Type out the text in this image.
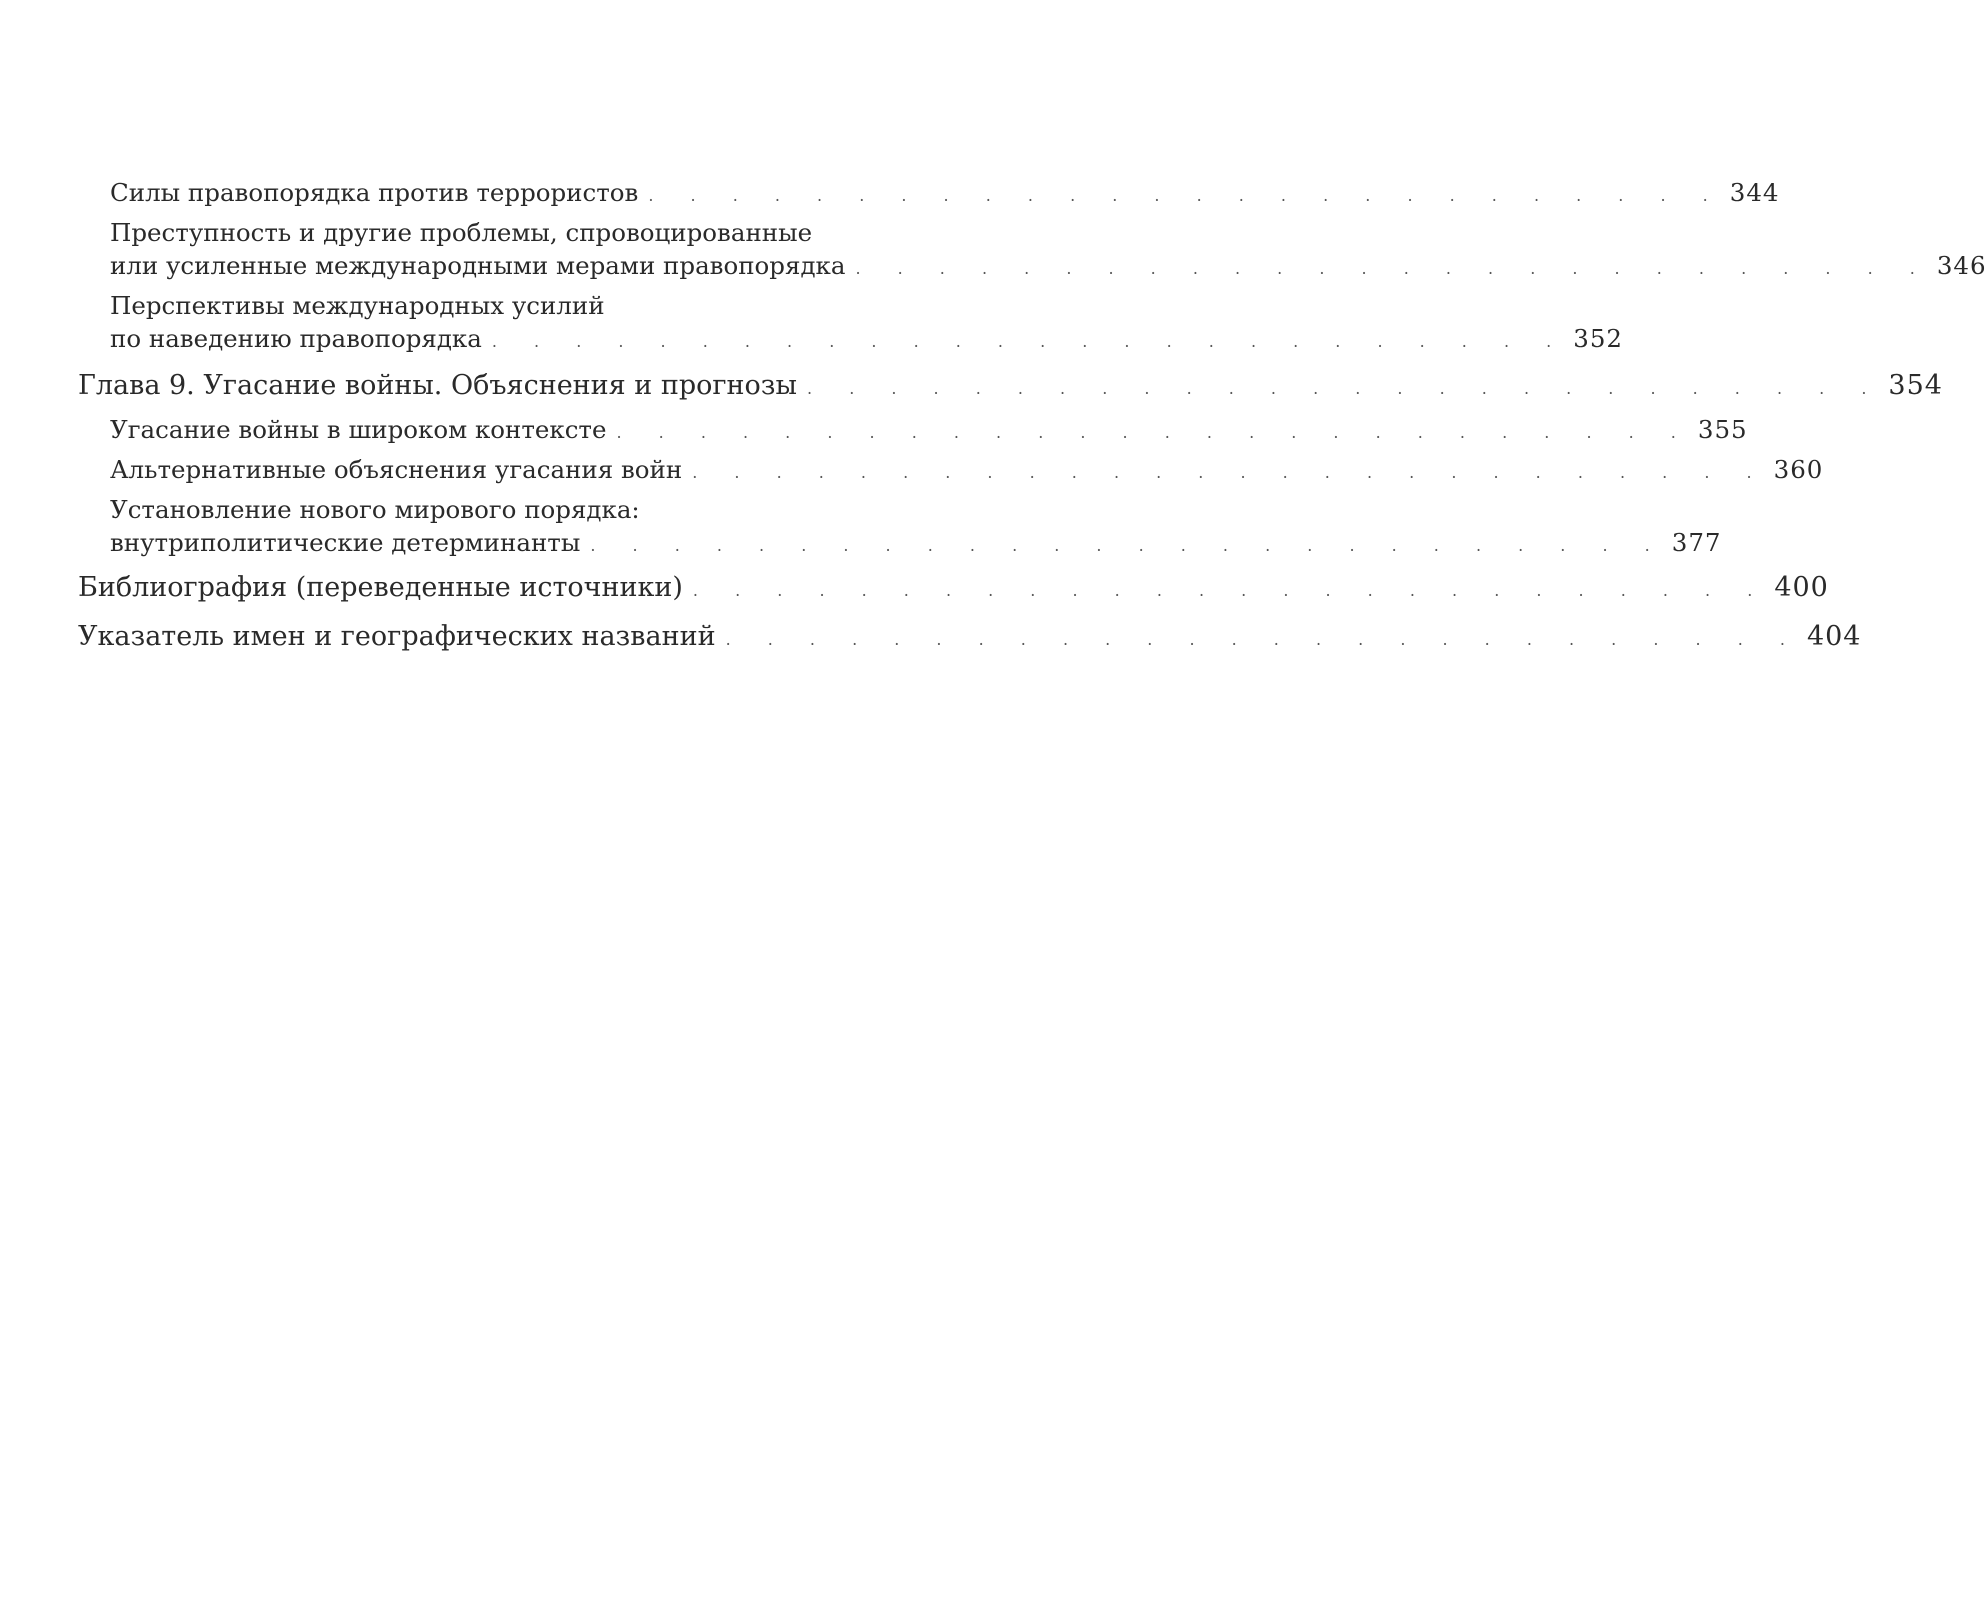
Силы правопорядка против террористов . . . . . . . . . . . . . . . . . . . . . . . . . . 344
Преступность и другие проблемы, спровоцированные
или усиленные международными мерами правопорядка . . . . . . . . . . . . . . . . . . . . . . . . . . 346
Перспективы международных усилий
по наведению правопорядка . . . . . . . . . . . . . . . . . . . . . . . . . . 352
Глава 9. Угасание войны. Объяснения и прогнозы . . . . . . . . . . . . . . . . . . . . . . . . . . 354
Угасание войны в широком контексте . . . . . . . . . . . . . . . . . . . . . . . . . . 355
Альтернативные объяснения угасания войн . . . . . . . . . . . . . . . . . . . . . . . . . . 360
Установление нового мирового порядка:
внутриполитические детерминанты . . . . . . . . . . . . . . . . . . . . . . . . . . 377
Библиография (переведенные источники) . . . . . . . . . . . . . . . . . . . . . . . . . . 400
Указатель имен и географических названий . . . . . . . . . . . . . . . . . . . . . . . . . . 404
